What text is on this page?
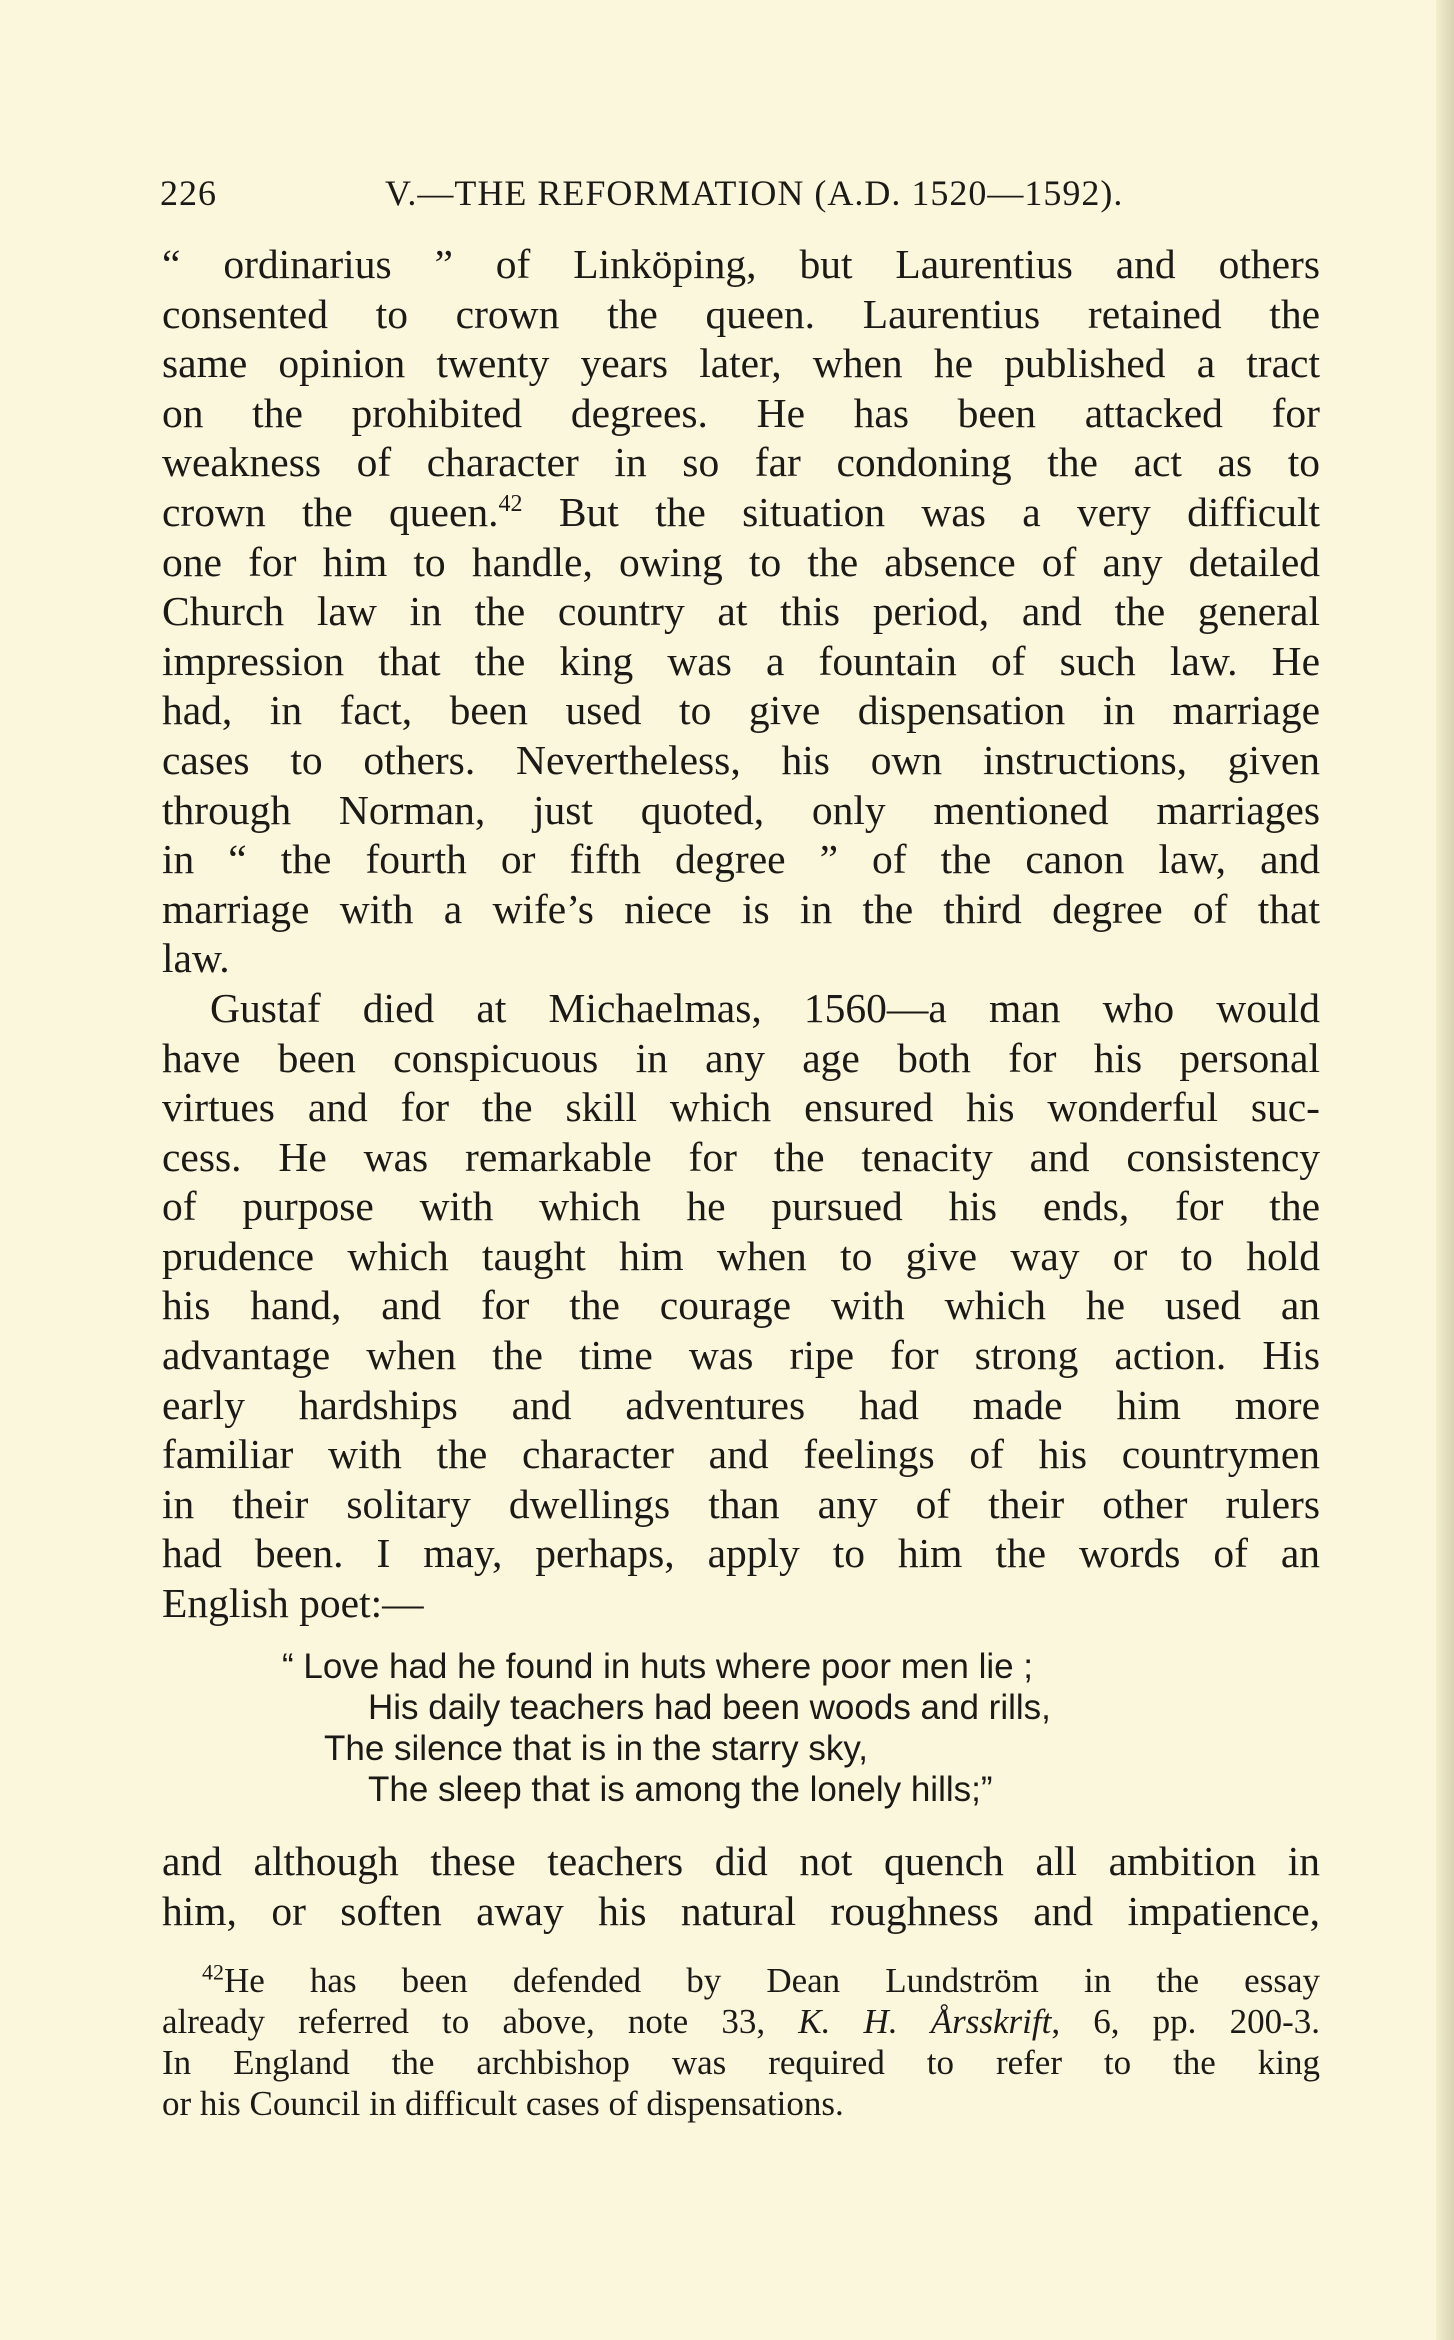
226	V.—THE REFORMATION (A.D. 1520—1592).

“ ordinarius ” of Linköping, but Laurentius and others
consented to crown the queen. Laurentius retained the
same opinion twenty years later, when he published a tract
on the prohibited degrees. He has been attacked for
weakness of character in so far condoning the act as to
crown the queen.$^{42}$ But the situation was a very difficult
one for him to handle, owing to the absence of any detailed
Church law in the country at this period, and the general
impression that the king was a fountain of such law. He
had, in fact, been used to give dispensation in marriage
cases to others. Nevertheless, his own instructions, given
through Norman, just quoted, only mentioned marriages
in “ the fourth or fifth degree ” of the canon law, and
marriage with a wife’s niece is in the third degree of that
law.

Gustaf died at Michaelmas, 1560—a man who would
have been conspicuous in any age both for his personal
virtues and for the skill which ensured his wonderful suc-
cess. He was remarkable for the tenacity and consistency
of purpose with which he pursued his ends, for the
prudence which taught him when to give way or to hold
his hand, and for the courage with which he used an
advantage when the time was ripe for strong action. His
early hardships and adventures had made him more
familiar with the character and feelings of his countrymen
in their solitary dwellings than any of their other rulers
had been. I may, perhaps, apply to him the words of an
English poet:—

“ Love had he found in huts where poor men lie ;
His daily teachers had been woods and rills,
The silence that is in the starry sky,
The sleep that is among the lonely hills;”
and although these teachers did not quench all ambition in
him, or soften away his natural roughness and impatience,
$^{42}$He has been defended by Dean Lundström in the essay
already referred to above, note 33, K. H. Årsskrift, 6, pp. 200-3.
In England the archbishop was required to refer to the king
or his Council in difficult cases of dispensations.
